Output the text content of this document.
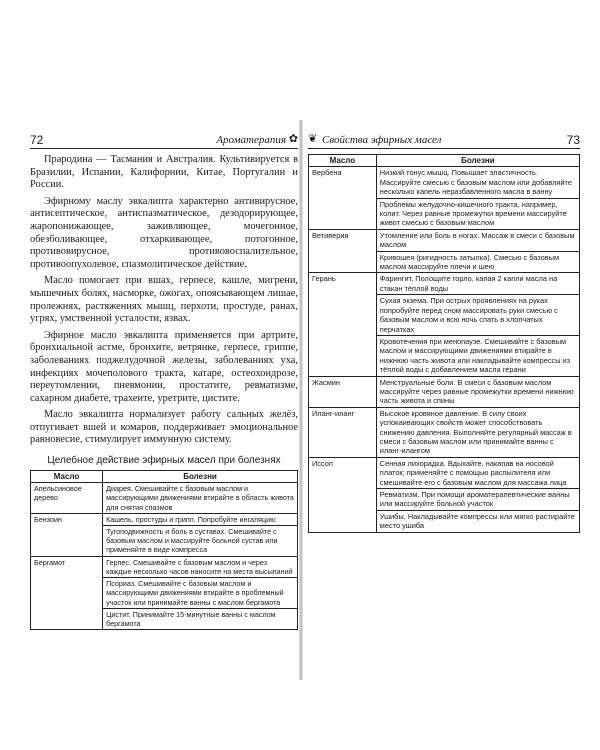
72	Ароматерапия ✿

Прародина — Тасмания и Австралия. Культивируется в Бразилии, Испании, Калифорнии, Китае, Португалии и России.

Эфирному маслу эвкалипта характерно антивирусное, антисептическое, антиспазматическое, дезодорирующее, жаропонижающее, заживляющее, мочегонное, обезболивающее, отхаркивающее, потогонное, противовирусное, противовоспалительное, противоопухолевое, спазмолитическое действие.

Масло помогает при вшах, герпесе, кашле, мигрени, мышечных болях, насморке, ожогах, опоясывающем лишае, пролежнях, растяжениях мышц, перхоти, простуде, ранах, угрях, умственной усталости, язвах.

Эфирное масло эвкалипта применяется при артрите, бронхиальной астме, бронхите, ветрянке, герпесе, гриппе, заболеваниях поджелудочной железы, заболеваниях уха, инфекциях мочеполового тракта, катаре, остеохондрозе, переутомлении, пневмонии, простатите, ревматизме, сахарном диабете, трахеите, уретрите, цистите.

Масло эвкалипта нормализует работу сальных желёз, отпугивает вшей и комаров, поддерживает эмоциональное равновесие, стимулирует иммунную систему.

Целебное действие эфирных масел при болезнях
Масло	Болезни
Апельсиновое дерево	Диарея. Смешивайте с базовым маслом и массирующими движениями втирайте в область живота для снятия спазмов
Бензоин	Кашель, простуды и грипп. Попробуйте ингаляцию
	Тугоподвижность и боль в суставах. Смешивайте с базовым маслом и массируйте больной сустав или применяйте в виде компресса
Бергамот	Герпес. Смешивайте с базовым маслом и через каждые несколько часов наносите на места высыпаний
	Псориаз. Смешивайте с базовым маслом и массирующими движениями втирайте в проблемный участок или принимайте ванны с маслом бергамота
	Цистит. Принимайте 15-минутные ванны с маслом бергамота
❦ Свойства эфирных масел	73
Масло	Болезни
Вербена	Низкий тонус мышц. Повышает эластичность. Массируйте смесью с базовым маслом или добавляйте несколько капель неразбавленного масла в ванну
	Проблемы желудочно-кишечного тракта, например, колит. Через равные промежутки времени массируйте живот смесью с базовым маслом
Ветиверия	Утомление или боль в ногах. Массаж в смеси с базовым маслом
	Кривошея (ригидность затылка). Смесью с базовым маслом массируйте плечи и шею
Герань	Фарингит. Полощите горло, капая 2 капли масла на стакан тёплой воды
	Сухая экзема. При острых проявлениях на руках попробуйте перед сном массировать руки смесью с базовым маслом и всю ночь спать в хлопчатых перчатках
	Кровотечения при менопаузе. Смешивайте с базовым маслом и массирующими движениями втирайте в нижнюю часть живота или накладывайте компрессы из тёплой воды с добавлением масла герани
Жасмин	Менструальные боли. В смеси с базовым маслом массируйте через равные промежутки времени нижнюю часть живота и спины
Иланг-иланг	Высокое кровяное давление. В силу своих успокаивающих свойств может способствовать снижению давления. Выполняйте регулярный массаж в смеси с базовым маслом или принимайте ванны с иланг-илангом
Иссоп	Сенная лихорадка. Вдыхайте, накапав на носовой платок; применяйте с помощью распылителя или смешивайте его с базовым маслом для массажа лица
	Ревматизм. При помощи ароматерапевтические ванны или массируйте больной участок
	Ушибы. Накладывайте компрессы или мягко растирайте место ушиба
